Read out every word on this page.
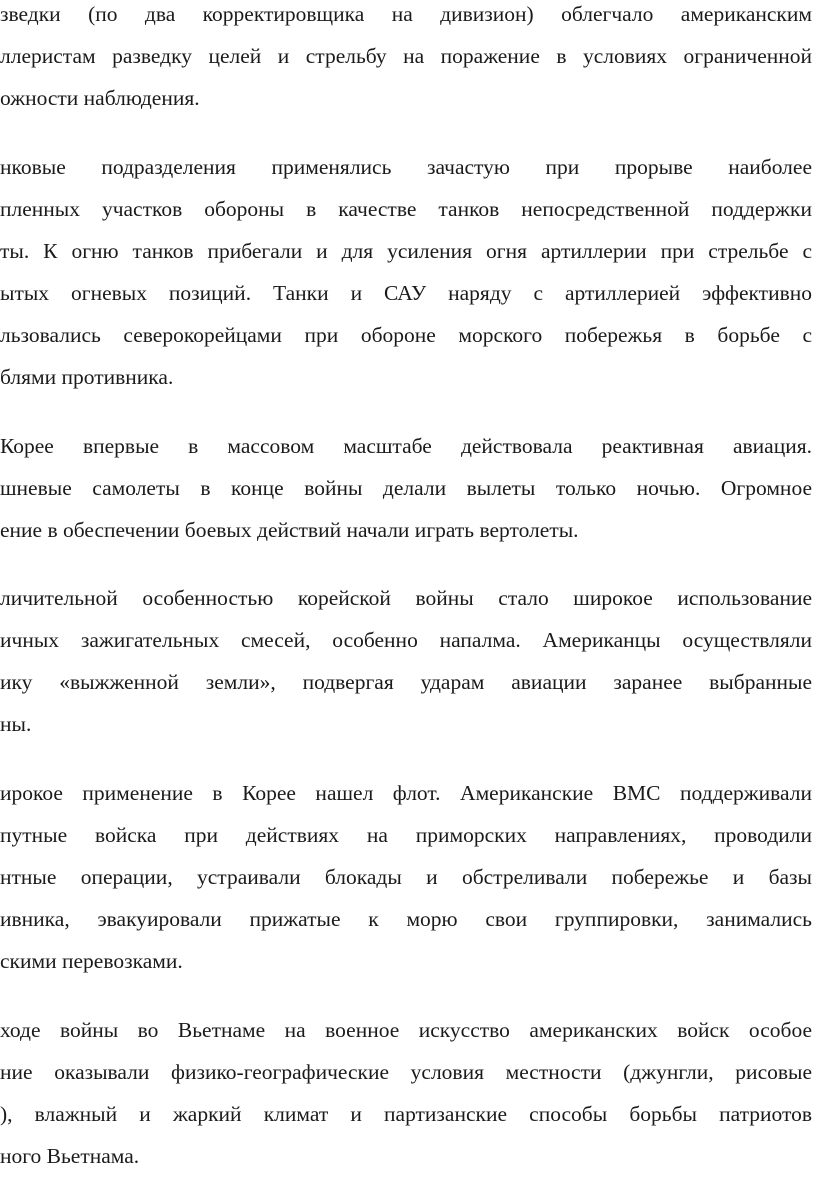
зведки (по два корректировщика на дивизион) облегчало американским
ллеристам разведку целей и стрельбу на поражение в условиях ограниченной
ожности наблюдения.
нковые подразделения применялись зачастую при прорыве наиболее
пленных участков обороны в качестве танков непосредственной поддержки
ты. К огню танков прибегали и для усиления огня артиллерии при стрельбе с
ытых огневых позиций. Танки и САУ наряду с артиллерией эффективно
льзовались северокорейцами при обороне морского побережья в борьбе с
блями противника.
Корее впервые в массовом масштабе действовала реактивная авиация.
шневые самолеты в конце войны делали вылеты только ночью. Огромное
ение в обеспечении боевых действий начали играть вертолеты.
личительной особенностью корейской войны стало широкое использование
ичных зажигательных смесей, особенно напалма. Американцы осуществляли
ику «выжженной земли», подвергая ударам авиации заранее выбранные
ны.
ирокое применение в Корее нашел флот. Американские ВМС поддерживали
путные войска при действиях на приморских направлениях, проводили
нтные операции, устраивали блокады и обстреливали побережье и базы
ивника, эвакуировали прижатые к морю свои группировки, занимались
скими перевозками.
ходе войны во Вьетнаме на военное искусство американских войск особое
ние оказывали физико-географические условия местности (джунгли, рисовые
), влажный и жаркий климат и партизанские способы борьбы патриотов
ного Вьетнама.
